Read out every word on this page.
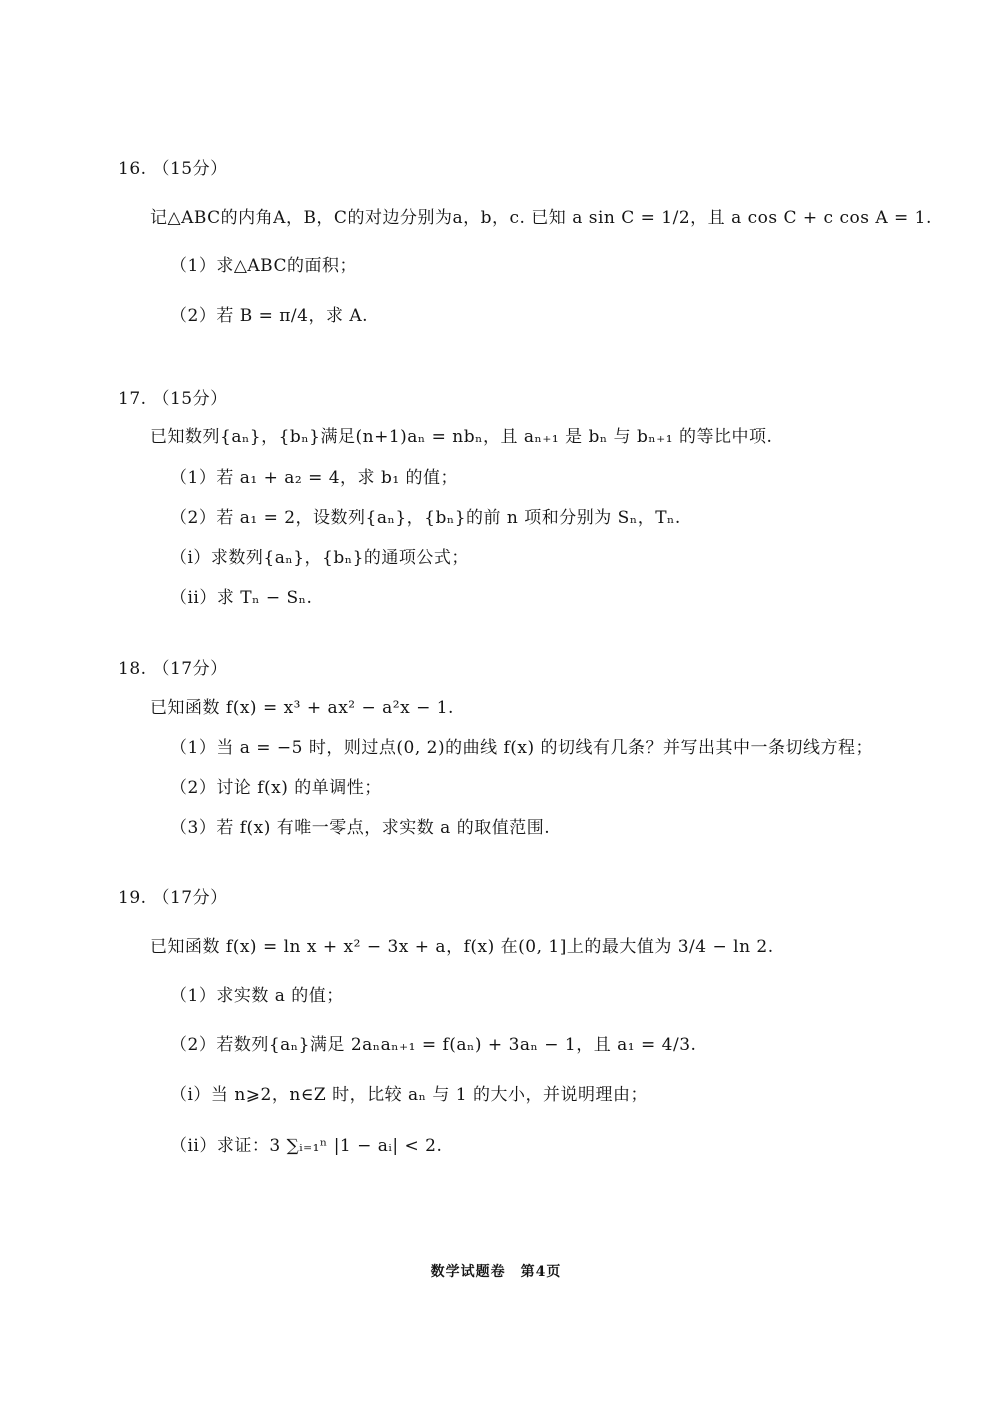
16. （15分）
记△ABC的内角A，B，C的对边分别为a，b，c. 已知 a sin C = 1/2，且 a cos C + c cos A = 1.
（1）求△ABC的面积；
（2）若 B = π/4，求 A.
17. （15分）
已知数列{aₙ}，{bₙ}满足(n+1)aₙ = nbₙ，且 aₙ₊₁ 是 bₙ 与 bₙ₊₁ 的等比中项.
（1）若 a₁ + a₂ = 4，求 b₁ 的值；
（2）若 a₁ = 2，设数列{aₙ}，{bₙ}的前 n 项和分别为 Sₙ，Tₙ.
（i）求数列{aₙ}，{bₙ}的通项公式；
（ii）求 Tₙ − Sₙ.
18. （17分）
已知函数 f(x) = x³ + ax² − a²x − 1.
（1）当 a = −5 时，则过点(0, 2)的曲线 f(x) 的切线有几条？并写出其中一条切线方程；
（2）讨论 f(x) 的单调性；
（3）若 f(x) 有唯一零点，求实数 a 的取值范围.
19. （17分）
已知函数 f(x) = ln x + x² − 3x + a，f(x) 在(0, 1]上的最大值为 3/4 − ln 2.
（1）求实数 a 的值；
（2）若数列{aₙ}满足 2aₙaₙ₊₁ = f(aₙ) + 3aₙ − 1，且 a₁ = 4/3.
（i）当 n⩾2，n∈Z 时，比较 aₙ 与 1 的大小，并说明理由；
（ii）求证：3 ∑ᵢ₌₁ⁿ |1 − aᵢ| < 2.
数学试题卷　第4页
